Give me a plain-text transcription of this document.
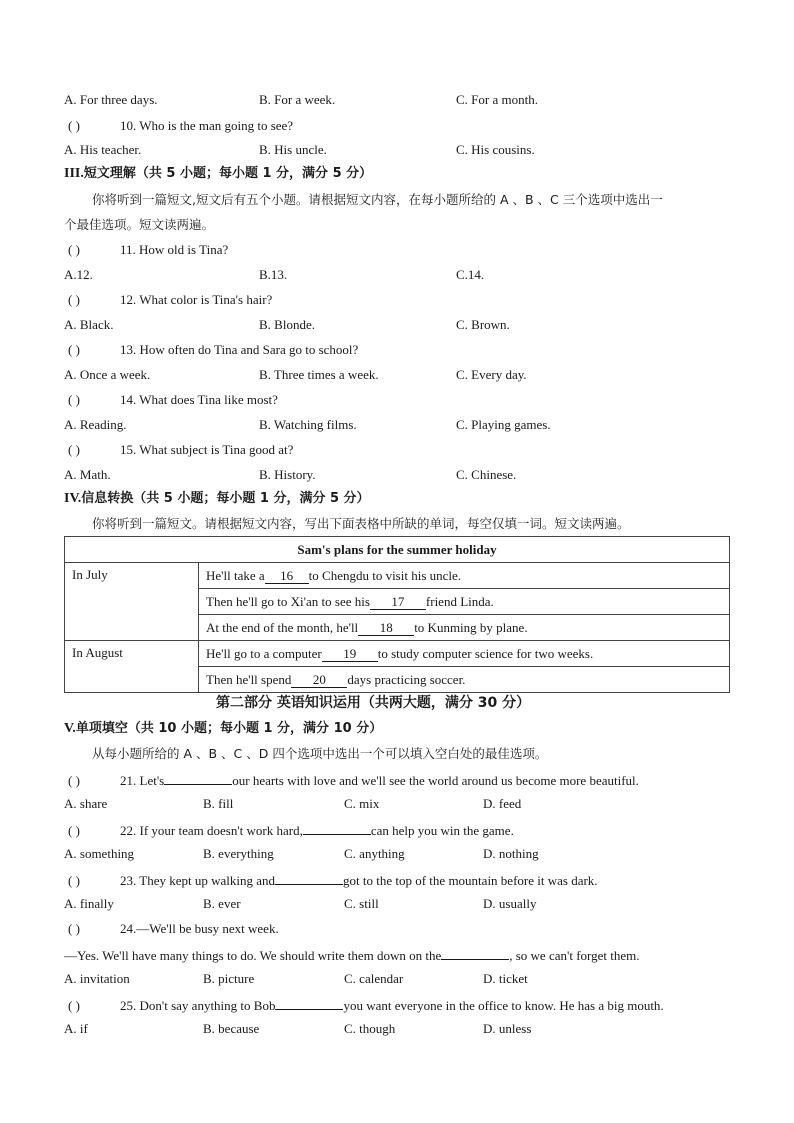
A. For three days.	B. For a week.	C. For a month.
( )	10. Who is the man going to see?
A. His teacher.	B. His uncle.	C. His cousins.
III.短文理解（共 5 小题；每小题 1 分，满分 5 分）
你将听到一篇短文,短文后有五个小题。请根据短文内容，在每小题所给的 A 、B 、C 三个选项中选出一
个最佳选项。短文读两遍。
( )	11. How old is Tina?
A.12.	B.13.	C.14.
( )	12. What color is Tina's hair?
A. Black.	B. Blonde.	C. Brown.
( )	13. How often do Tina and Sara go to school?
A. Once a week.	B. Three times a week.	C. Every day.
( )	14. What does Tina like most?
A. Reading.	B. Watching films.	C. Playing games.
( )	15. What subject is Tina good at?
A. Math.	B. History.	C. Chinese.
IV.信息转换（共 5 小题；每小题 1 分，满分 5 分）
你将听到一篇短文。请根据短文内容，写出下面表格中所缺的单词，每空仅填一词。短文读两遍。
Sam's plans for the summer holiday	
In July	He'll take a 16 to Chengdu to visit his uncle.
	Then he'll go to Xi'an to see his 17 friend Linda.
	At the end of the month, he'll 18 to Kunming by plane.
In August	He'll go to a computer 19 to study computer science for two weeks.
	Then he'll spend 20 days practicing soccer.
第二部分 英语知识运用（共两大题，满分 30 分）
V.单项填空（共 10 小题；每小题 1 分，满分 10 分）
从每小题所给的 A 、B 、C 、D 四个选项中选出一个可以填入空白处的最佳选项。
( )	21. Let's	our hearts with love and we'll see the world around us become more beautiful.
A. share	B. fill	C. mix	D. feed
( )	22. If your team doesn't work hard,	can help you win the game.
A. something	B. everything	C. anything	D. nothing
( )	23. They kept up walking and	got to the top of the mountain before it was dark.
A. finally	B. ever	C. still	D. usually
( )	24.—We'll be busy next week.
—Yes. We'll have many things to do. We should write them down on the	, so we can't forget them.
A. invitation	B. picture	C. calendar	D. ticket
( )	25. Don't say anything to Bob	you want everyone in the office to know. He has a big mouth.
A. if	B. because	C. though	D. unless
